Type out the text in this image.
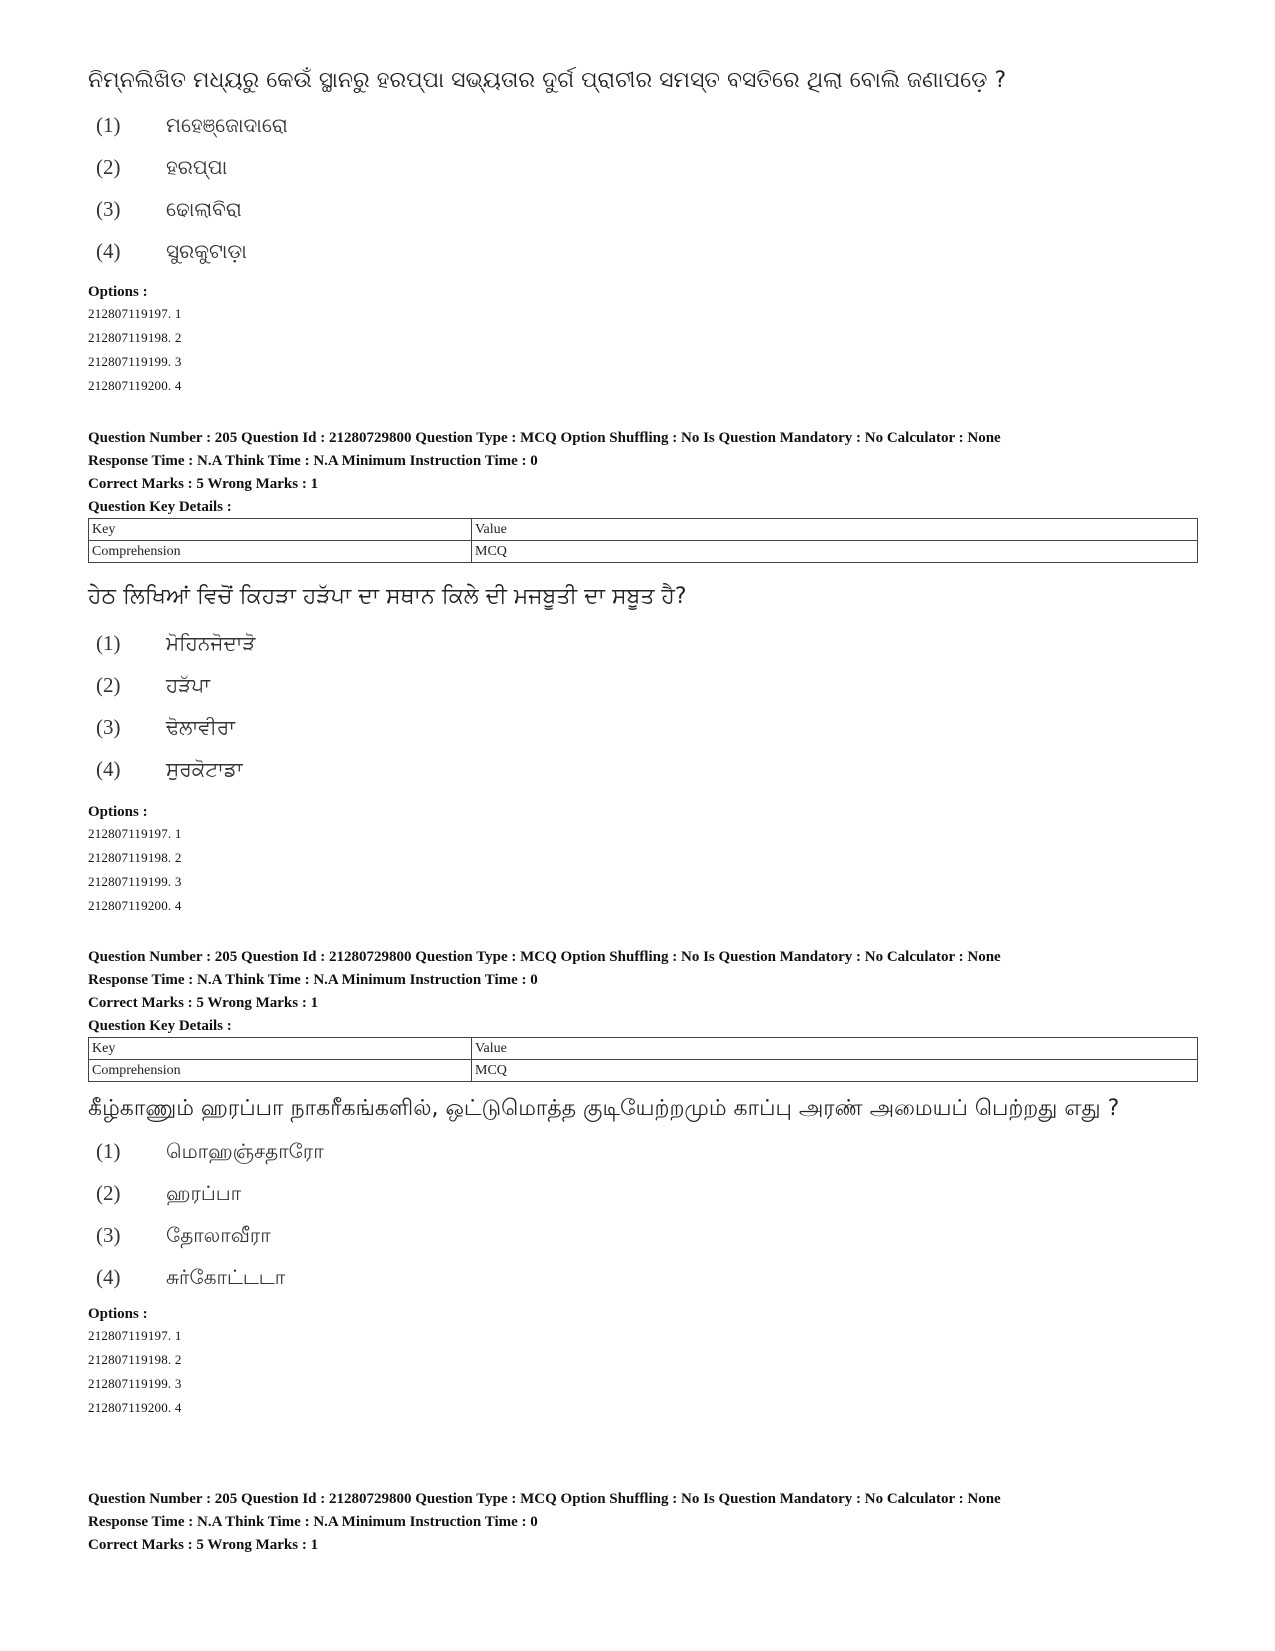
ନିମ୍ନଲିଖିତ ମଧ୍ୟରୁ କେଉଁ ସ୍ଥାନରୁ ହରପ୍ପା ସଭ୍ୟତାର ଦୁର୍ଗ ପ୍ରାଚୀର ସମସ୍ତ ବସତିରେ ଥିଲା ବୋଲି ଜଣାପଡ଼େ ?

(1)	ମହେଞ୍ଜୋଦାରୋ
(2)	ହରପ୍ପା
(3)	ଢୋଲାବିରା
(4)	ସୁରକୁଟାଡ଼ା
Options :
212807119197. 1
212807119198. 2
212807119199. 3
212807119200. 4
Question Number : 205 Question Id : 21280729800 Question Type : MCQ Option Shuffling : No Is Question Mandatory : No Calculator : None
Response Time : N.A Think Time : N.A Minimum Instruction Time : 0
Correct Marks : 5 Wrong Marks : 1
Question Key Details :
Key	Value
Comprehension	MCQ

ਹੇਠ ਲਿਖਿਆਂ ਵਿਚੋਂ ਕਿਹੜਾ ਹੜੱਪਾ ਦਾ ਸਥਾਨ ਕਿਲੇ ਦੀ ਮਜਬੂਤੀ ਦਾ ਸਬੂਤ ਹੈ?

(1)	ਮੋਹਿਨਜੋਦਾੜੋ
(2)	ਹੜੱਪਾ
(3)	ਢੋਲਾਵੀਰਾ
(4)	ਸੁਰਕੋਟਾਡਾ
Options :
212807119197. 1
212807119198. 2
212807119199. 3
212807119200. 4
Question Number : 205 Question Id : 21280729800 Question Type : MCQ Option Shuffling : No Is Question Mandatory : No Calculator : None
Response Time : N.A Think Time : N.A Minimum Instruction Time : 0
Correct Marks : 5 Wrong Marks : 1
Question Key Details :
Key	Value
Comprehension	MCQ

கீழ்காணும் ஹரப்பா நாகரீகங்களில், ஒட்டுமொத்த குடியேற்றமும் காப்பு அரண் அமையப் பெற்றது எது ?

(1)	மொஹஞ்சதாரோ
(2)	ஹரப்பா
(3)	தோலாவீரா
(4)	சுர்கோட்டடா
Options :
212807119197. 1
212807119198. 2
212807119199. 3
212807119200. 4
Question Number : 205 Question Id : 21280729800 Question Type : MCQ Option Shuffling : No Is Question Mandatory : No Calculator : None
Response Time : N.A Think Time : N.A Minimum Instruction Time : 0
Correct Marks : 5 Wrong Marks : 1
